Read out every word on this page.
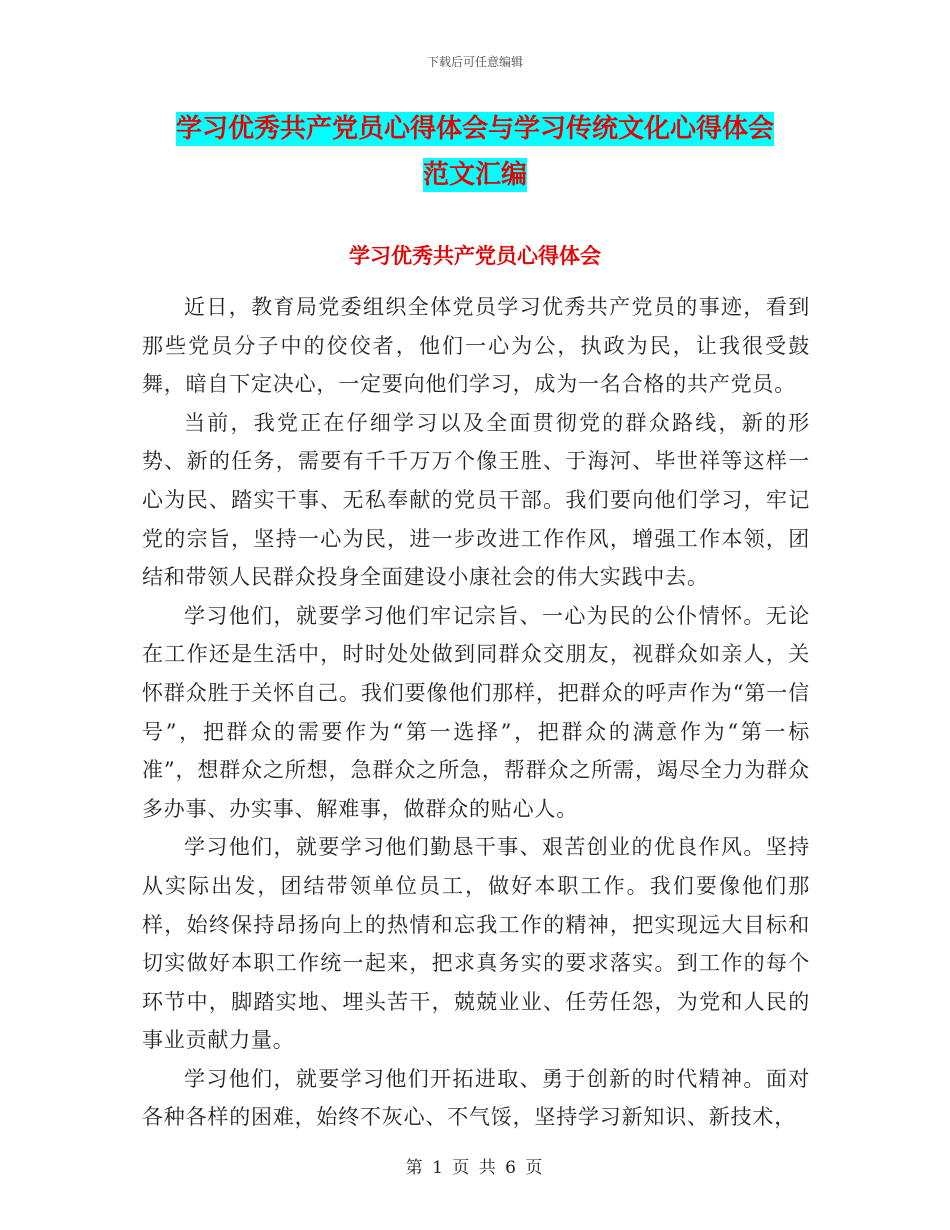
下载后可任意编辑
学习优秀共产党员心得体会与学习传统文化心得体会
范文汇编
学习优秀共产党员心得体会

近日，教育局党委组织全体党员学习优秀共产党员的事迹，看到那些党员分子中的佼佼者，他们一心为公，执政为民，让我很受鼓舞，暗自下定决心，一定要向他们学习，成为一名合格的共产党员。

当前，我党正在仔细学习以及全面贯彻党的群众路线，新的形势、新的任务，需要有千千万万个像王胜、于海河、毕世祥等这样一心为民、踏实干事、无私奉献的党员干部。我们要向他们学习，牢记党的宗旨，坚持一心为民，进一步改进工作作风，增强工作本领，团结和带领人民群众投身全面建设小康社会的伟大实践中去。

学习他们，就要学习他们牢记宗旨、一心为民的公仆情怀。无论在工作还是生活中，时时处处做到同群众交朋友，视群众如亲人，关怀群众胜于关怀自己。我们要像他们那样，把群众的呼声作为“第一信号”，把群众的需要作为“第一选择”，把群众的满意作为“第一标准”，想群众之所想，急群众之所急，帮群众之所需，竭尽全力为群众多办事、办实事、解难事，做群众的贴心人。

学习他们，就要学习他们勤恳干事、艰苦创业的优良作风。坚持从实际出发，团结带领单位员工，做好本职工作。我们要像他们那样，始终保持昂扬向上的热情和忘我工作的精神，把实现远大目标和切实做好本职工作统一起来，把求真务实的要求落实。到工作的每个环节中，脚踏实地、埋头苦干，兢兢业业、任劳任怨，为党和人民的事业贡献力量。

学习他们，就要学习他们开拓进取、勇于创新的时代精神。面对各种各样的困难，始终不灰心、不气馁，坚持学习新知识、新技术，

第 1 页 共 6 页
